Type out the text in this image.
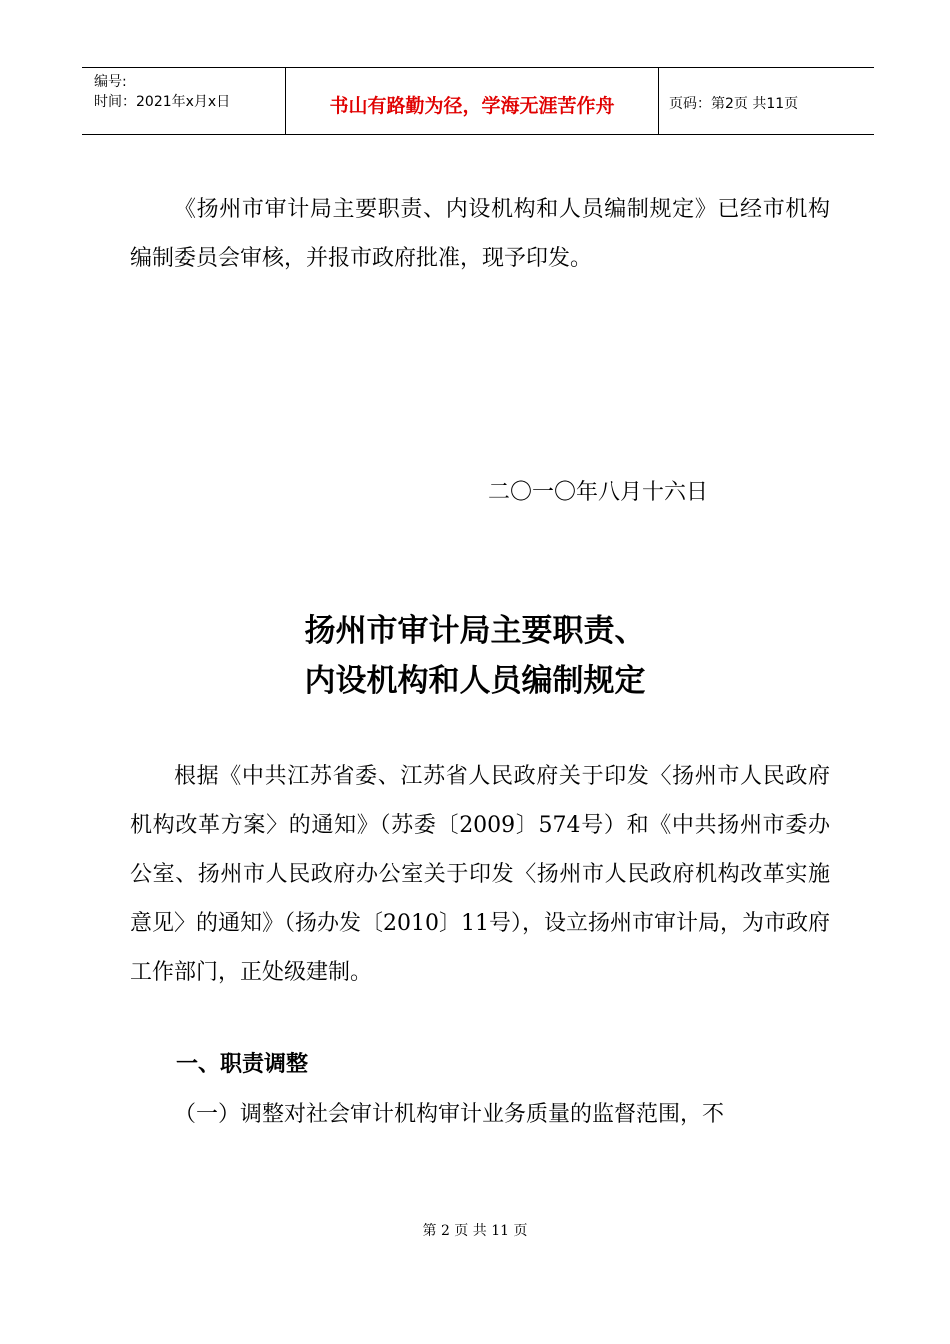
编号:
时间：2021年x月x日	书山有路勤为径，学海无涯苦作舟	页码：第2页 共11页

《扬州市审计局主要职责、内设机构和人员编制规定》已经市机构编制委员会审核，并报市政府批准，现予印发。

二〇一〇年八月十六日
扬州市审计局主要职责、
内设机构和人员编制规定

根据《中共江苏省委、江苏省人民政府关于印发〈扬州市人民政府机构改革方案〉的通知》（苏委〔2009〕574号）和《中共扬州市委办公室、扬州市人民政府办公室关于印发〈扬州市人民政府机构改革实施意见〉的通知》（扬办发〔2010〕11号），设立扬州市审计局，为市政府工作部门，正处级建制。

一、职责调整

（一）调整对社会审计机构审计业务质量的监督范围，不

第 2 页 共 11 页
